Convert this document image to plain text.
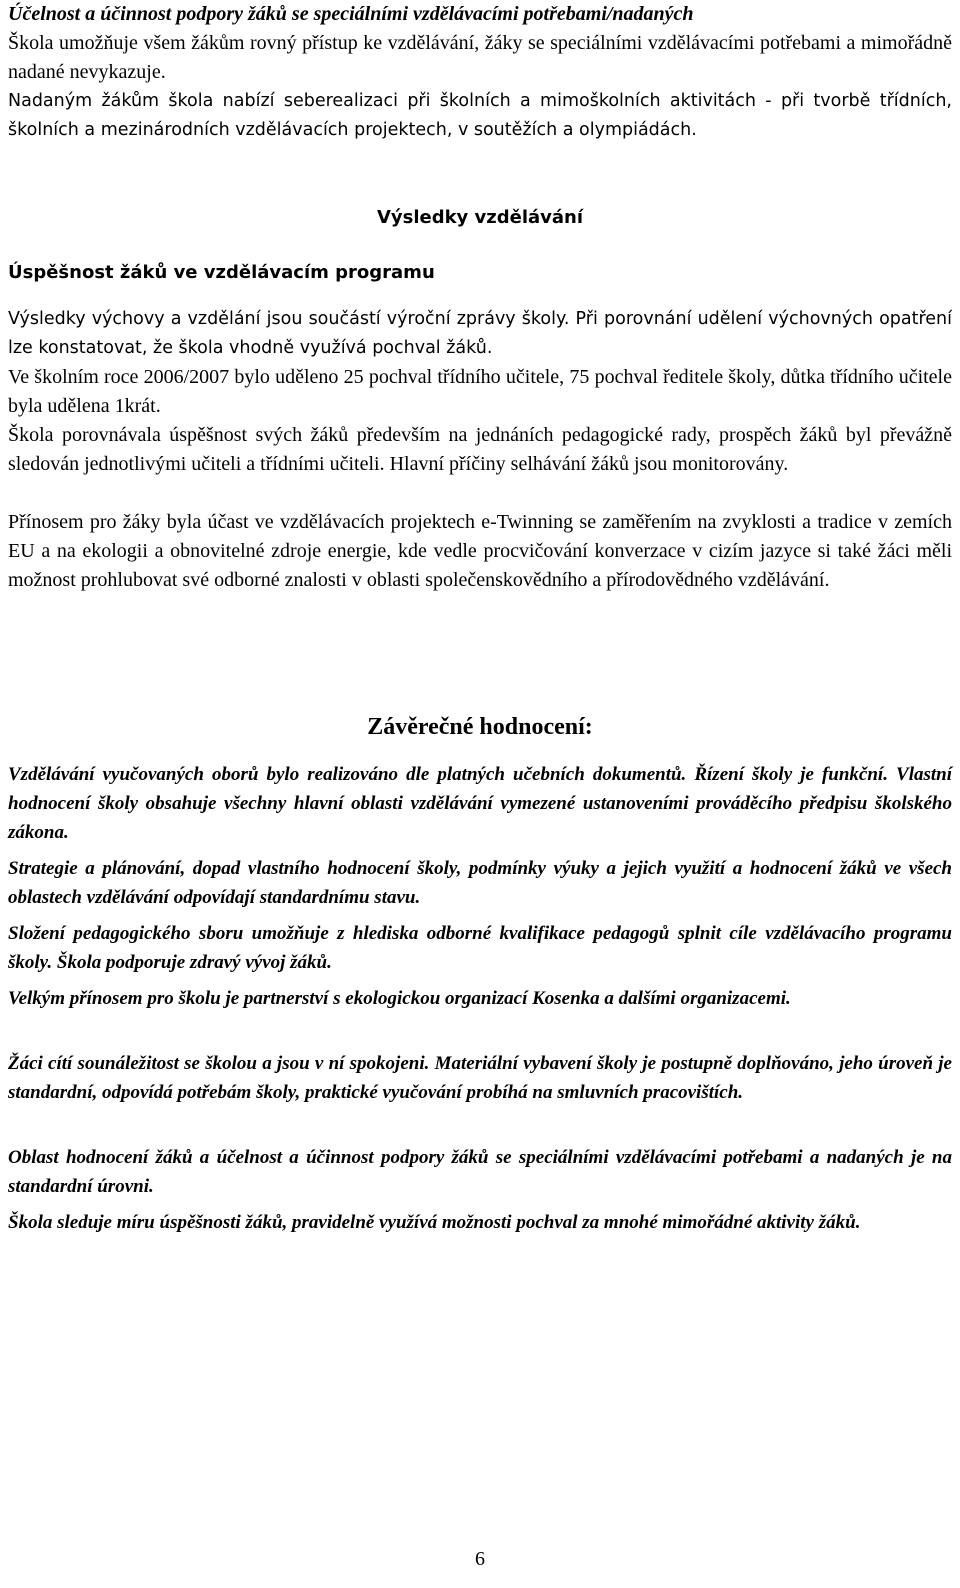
Účelnost a účinnost podpory žáků se speciálními vzdělávacími potřebami/nadaných
Škola umožňuje všem žákům rovný přístup ke vzdělávání, žáky se speciálními vzdělávacími potřebami a mimořádně nadané nevykazuje.
Nadaným žákům škola nabízí seberealizaci při školních a mimoškolních aktivitách - při tvorbě třídních, školních a mezinárodních vzdělávacích projektech, v soutěžích a olympiádách.
Výsledky vzdělávání
Úspěšnost žáků ve vzdělávacím programu
Výsledky výchovy a vzdělání jsou součástí výroční zprávy školy. Při porovnání udělení výchovných opatření lze konstatovat, že škola vhodně využívá pochval žáků.
Ve školním roce 2006/2007 bylo uděleno 25 pochval třídního učitele, 75 pochval ředitele školy, důtka třídního učitele byla udělena 1krát.
Škola porovnávala úspěšnost svých žáků především na jednáních pedagogické rady, prospěch žáků byl převážně sledován jednotlivými učiteli a třídními učiteli. Hlavní příčiny selhávání žáků jsou monitorovány.
Přínosem pro žáky byla účast ve vzdělávacích projektech e-Twinning se zaměřením na zvyklosti a tradice v zemích EU a na ekologii a obnovitelné zdroje energie, kde vedle procvičování konverzace v cizím jazyce si také žáci měli možnost prohlubovat své odborné znalosti v oblasti společenskovědního a přírodovědného vzdělávání.
Závěrečné hodnocení:
Vzdělávání vyučovaných oborů bylo realizováno dle platných učebních dokumentů. Řízení školy je funkční. Vlastní hodnocení školy obsahuje všechny hlavní oblasti vzdělávání vymezené ustanoveními prováděcího předpisu školského zákona.
Strategie a plánování, dopad vlastního hodnocení školy, podmínky výuky a jejich využití a hodnocení žáků ve všech oblastech vzdělávání odpovídají standardnímu stavu.
Složení pedagogického sboru umožňuje z hlediska odborné kvalifikace pedagogů splnit cíle vzdělávacího programu školy. Škola podporuje zdravý vývoj žáků.
Velkým přínosem pro školu je partnerství s ekologickou organizací Kosenka a dalšími organizacemi.
Žáci cítí sounáležitost se školou a jsou v ní spokojeni. Materiální vybavení školy je postupně doplňováno, jeho úroveň je standardní, odpovídá potřebám školy, praktické vyučování probíhá na smluvních pracovištích.
Oblast hodnocení žáků a účelnost a účinnost podpory žáků se speciálními vzdělávacími potřebami a nadaných je na standardní úrovni.
Škola sleduje míru úspěšnosti žáků, pravidelně využívá možnosti pochval za mnohé mimořádné aktivity žáků.
6
